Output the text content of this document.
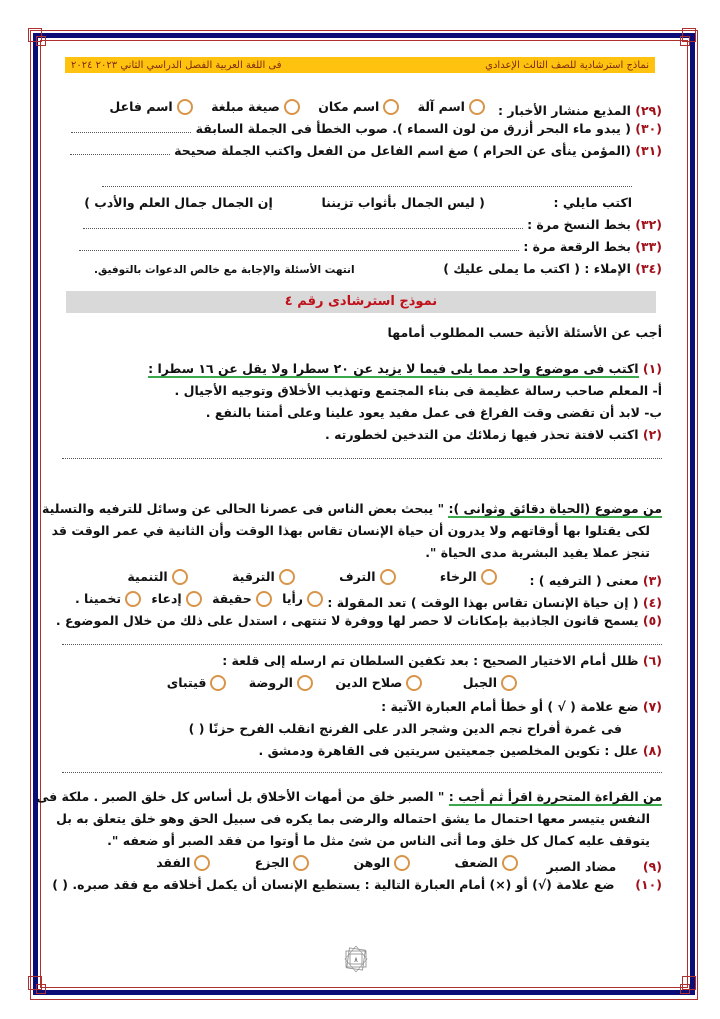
نماذج استرشادية للصف الثالث الإعدادي
فى اللغة العربية الفصل الدراسي الثاني ٢٠٢٣ ٢٠٢٤
(٢٩) المذيع منشار الأخبار :
اسم آلة

اسم مكان

صيغة مبلغة

اسم فاعل
(٣٠) ( يبدو ماء البحر أزرق من لون السماء ). صوب الخطأ فى الجملة السابقة
(٣١) (المؤمن ينأى عن الحرام ) صغ اسم الفاعل من الفعل واكتب الجملة صحيحة
اكتب مايلي :  ( ليس الجمال بأثواب تزيننا  إن الجمال جمال العلم والأدب )
(٣٢) بخط النسخ مرة :
(٣٣) بخط الرقعة مرة :
(٣٤) الإملاء : ( اكتب ما يملى عليك )  انتهت الأسئلة والإجابة مع خالص الدعوات بالتوفيق.
نموذج استرشادى رقم ٤
أجب عن الأسئلة الأتية حسب المطلوب أمامها
(١) اكتب فى موضوع واحد مما يلى فيما لا يزيد عن ٢٠ سطرا ولا يقل عن ١٦ سطرا :
أ- المعلم صاحب رسالة عظيمة فى بناء المجتمع وتهذيب الأخلاق وتوجيه الأجيال .
ب- لابد أن تقضى وقت الفراغ فى عمل مفيد يعود علينا وعلى أمتنا بالنفع .
(٢) اكتب لافتة تحذر فيها زملائك من التدخين لخطورته .
من موضوع (الحياة دقائق وثوانى ): " يبحث بعض الناس فى عصرنا الحالى عن وسائل للترفيه والتسلية
لكى يقتلوا بها أوقاتهم ولا يدرون أن حياة الإنسان تقاس بهذا الوقت وأن الثانية في عمر الوقت قد
تنجز عملا يفيد البشرية مدى الحياة ".
(٣) معنى ( الترفيه ) :
الرخاء

الترف

الترقية

التنمية
(٤) ( إن حياة الإنسان تقاس بهذا الوقت ) تعد المقولة :
رأيا

حقيقة

إدعاء

تخمينا .
(٥) يسمح قانون الجاذبية بإمكانات لا حصر لها ووفرة لا تنتهى ، استدل على ذلك من خلال الموضوع .
(٦) ظلل أمام الاختيار الصحيح : بعد تكفين السلطان تم ارسله إلى قلعة :
الجبل

صلاح الدين

الروضة

قيتباى
(٧) ضع علامة ( √ ) أو خطأ أمام العبارة الآتية :
فى غمرة أفراح نجم الدين وشجر الدر على الفرنج انقلب الفرح حزنًا ( )
(٨) علل : تكوين المخلصين جمعيتين سريتين فى القاهرة ودمشق .
من القراءة المتحررة اقرأ ثم أجب : " الصبر خلق من أمهات الأخلاق بل أساس كل خلق الصبر . ملكة فى
النفس يتيسر معها احتمال ما يشق احتماله والرضى بما يكره فى سبيل الحق وهو خلق يتعلق به بل
يتوقف عليه كمال كل خلق وما أتى الناس من شئ مثل ما أوتوا من فقد الصبر أو ضعفه ".
(٩)  مضاد الصبر
الضعف

الوهن

الجزع

الفقد
(١٠)  ضع علامة (√) أو (×) أمام العبارة التالية : يستطيع الإنسان أن يكمل أخلاقه مع فقد صبره. ( )
٨
